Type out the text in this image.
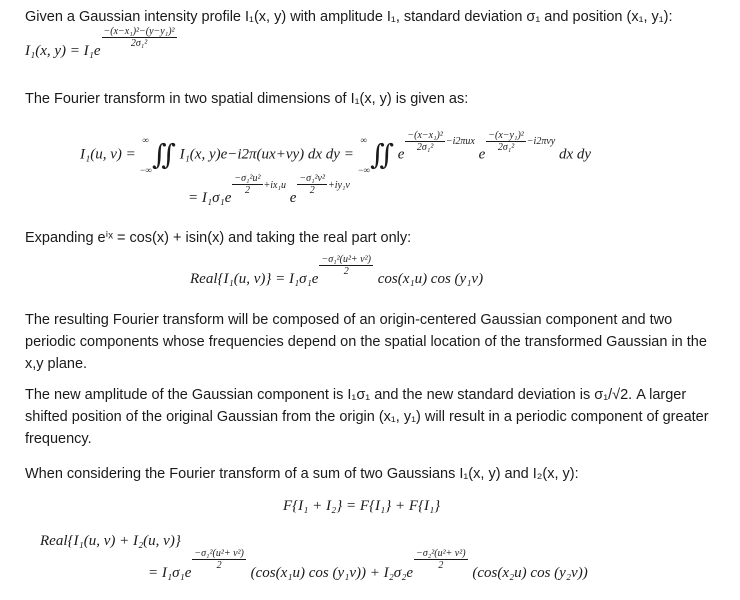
Given a Gaussian intensity profile I₁(x, y) with amplitude I₁, standard deviation σ₁ and position (x₁, y₁):
I₁(x, y) = I₁e
$\frac{\text{−(x−x₁)²−(y−y₁)²}}{\text{2σ₁²}}$
The Fourier transform in two spatial dimensions of I₁(x, y) is given as:
I₁(u, v) = ∞
−∞∬ I₁(x, y)e−i2π(ux+vy) dx dy = ∞
−∞∬ e
$\frac{\text{−(x−x₁)²}}{\text{2σ₁²}} ^{-i2\pi ux}$ e
$\frac{\text{−(x−y₁)²}}{\text{2σ₁²}} ^{-i2\pi vy}$ dx dy
= I₁σ₁e
$\frac{\text{−σ₁²u²}}{2} ^{+ix_1u}$ e
$\frac{\text{−σ₁²v²}}{2} ^{+iy_1v}$
Expanding eⁱˣ = cos(x) + isin(x) and taking the real part only:
Real{I₁(u, v)} = I₁σ₁e
$\frac{\text{−σ₁²(u²+ v²)}}{2}$
cos(x₁u) cos (y₁v)
The resulting Fourier transform will be composed of an origin-centered Gaussian component and two periodic components whose frequencies depend on the spatial location of the transformed Gaussian in the x,y plane.
The new amplitude of the Gaussian component is I₁σ₁ and the new standard deviation is σ₁/√2. A larger shifted position of the original Gaussian from the origin (x₁, y₁) will result in a periodic component of greater frequency.
When considering the Fourier transform of a sum of two Gaussians I₁(x, y) and I₂(x, y):
F{I₁ + I₂} = F{I₁} + F{I₁}
Real{I₁(u, v) + I₂(u, v)}
= I₁σ₁e
$\frac{\text{−σ₁²(u²+ v²)}}{2}$
(cos(x₁u) cos (y₁v)) + I₂σ₂e
$\frac{\text{−σ₂²(u²+ v²)}}{2}$
(cos(x₂u) cos (y₂v))
